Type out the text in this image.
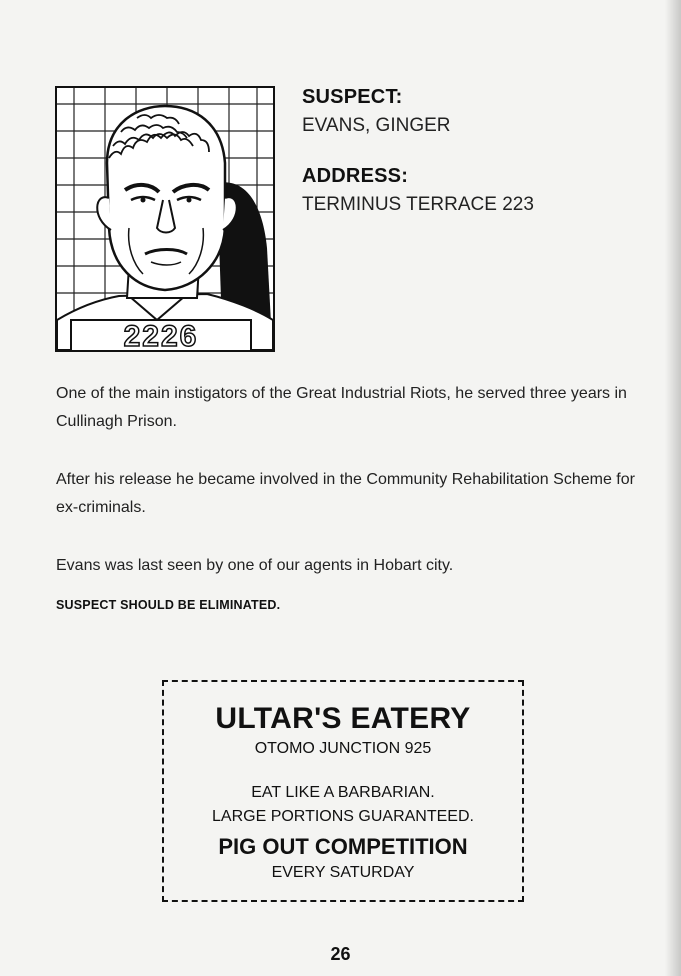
2226
SUSPECT:
EVANS, GINGER
ADDRESS:
TERMINUS TERRACE 223
One of the main instigators of the Great Industrial Riots, he served three years in Cullinagh Prison.
After his release he became involved in the Community Rehabilitation Scheme for ex-criminals.
Evans was last seen by one of our agents in Hobart city.
SUSPECT SHOULD BE ELIMINATED.
ULTAR'S EATERY
OTOMO JUNCTION 925
EAT LIKE A BARBARIAN.
LARGE PORTIONS GUARANTEED.
PIG OUT COMPETITION
EVERY SATURDAY
26
